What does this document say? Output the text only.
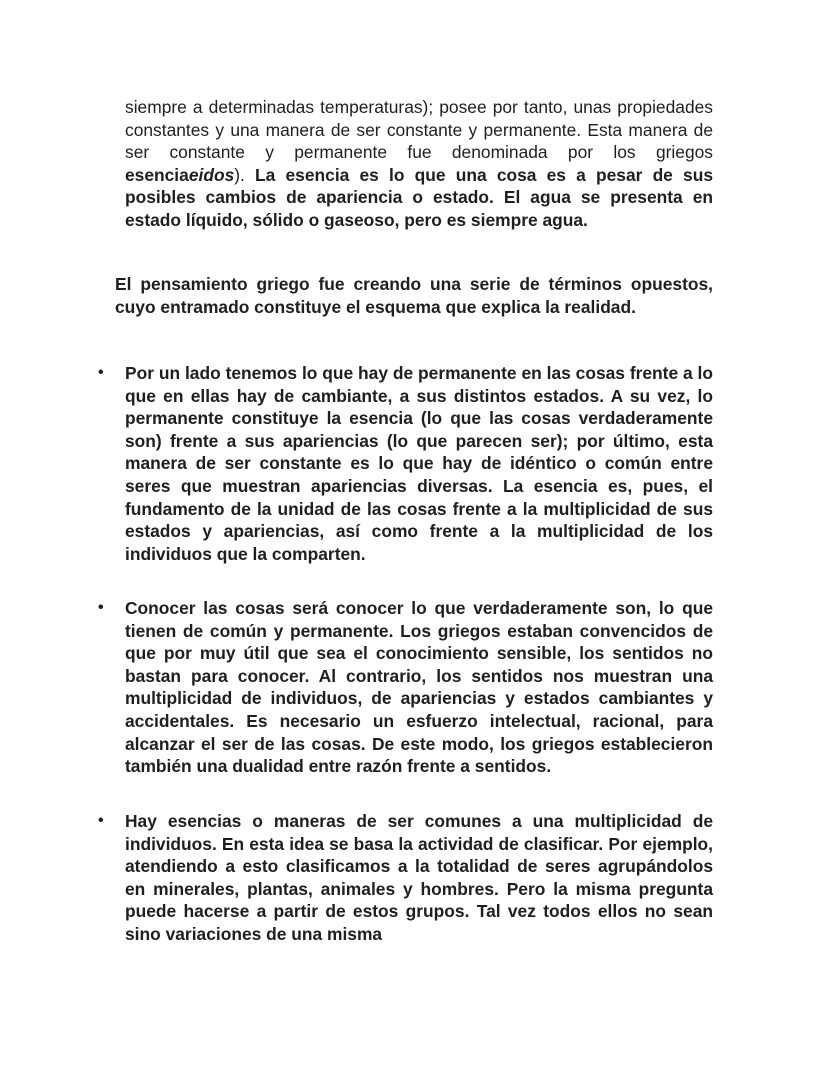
siempre a determinadas temperaturas); posee por tanto, unas propiedades constantes y una manera de ser constante y permanente. Esta manera de ser constante y permanente fue denominada por los griegos esenciaeidos). La esencia es lo que una cosa es a pesar de sus posibles cambios de apariencia o estado. El agua se presenta en estado líquido, sólido o gaseoso, pero es siempre agua.

El pensamiento griego fue creando una serie de términos opuestos, cuyo entramado constituye el esquema que explica la realidad.

• Por un lado tenemos lo que hay de permanente en las cosas frente a lo que en ellas hay de cambiante, a sus distintos estados. A su vez, lo permanente constituye la esencia (lo que las cosas verdaderamente son) frente a sus apariencias (lo que parecen ser); por último, esta manera de ser constante es lo que hay de idéntico o común entre seres que muestran apariencias diversas. La esencia es, pues, el fundamento de la unidad de las cosas frente a la multiplicidad de sus estados y apariencias, así como frente a la multiplicidad de los individuos que la comparten.
• Conocer las cosas será conocer lo que verdaderamente son, lo que tienen de común y permanente. Los griegos estaban convencidos de que por muy útil que sea el conocimiento sensible, los sentidos no bastan para conocer. Al contrario, los sentidos nos muestran una multiplicidad de individuos, de apariencias y estados cambiantes y accidentales. Es necesario un esfuerzo intelectual, racional, para alcanzar el ser de las cosas. De este modo, los griegos establecieron también una dualidad entre razón frente a sentidos.
• Hay esencias o maneras de ser comunes a una multiplicidad de individuos. En esta idea se basa la actividad de clasificar. Por ejemplo, atendiendo a esto clasificamos a la totalidad de seres agrupándolos en minerales, plantas, animales y hombres. Pero la misma pregunta puede hacerse a partir de estos grupos. Tal vez todos ellos no sean sino variaciones de una misma
